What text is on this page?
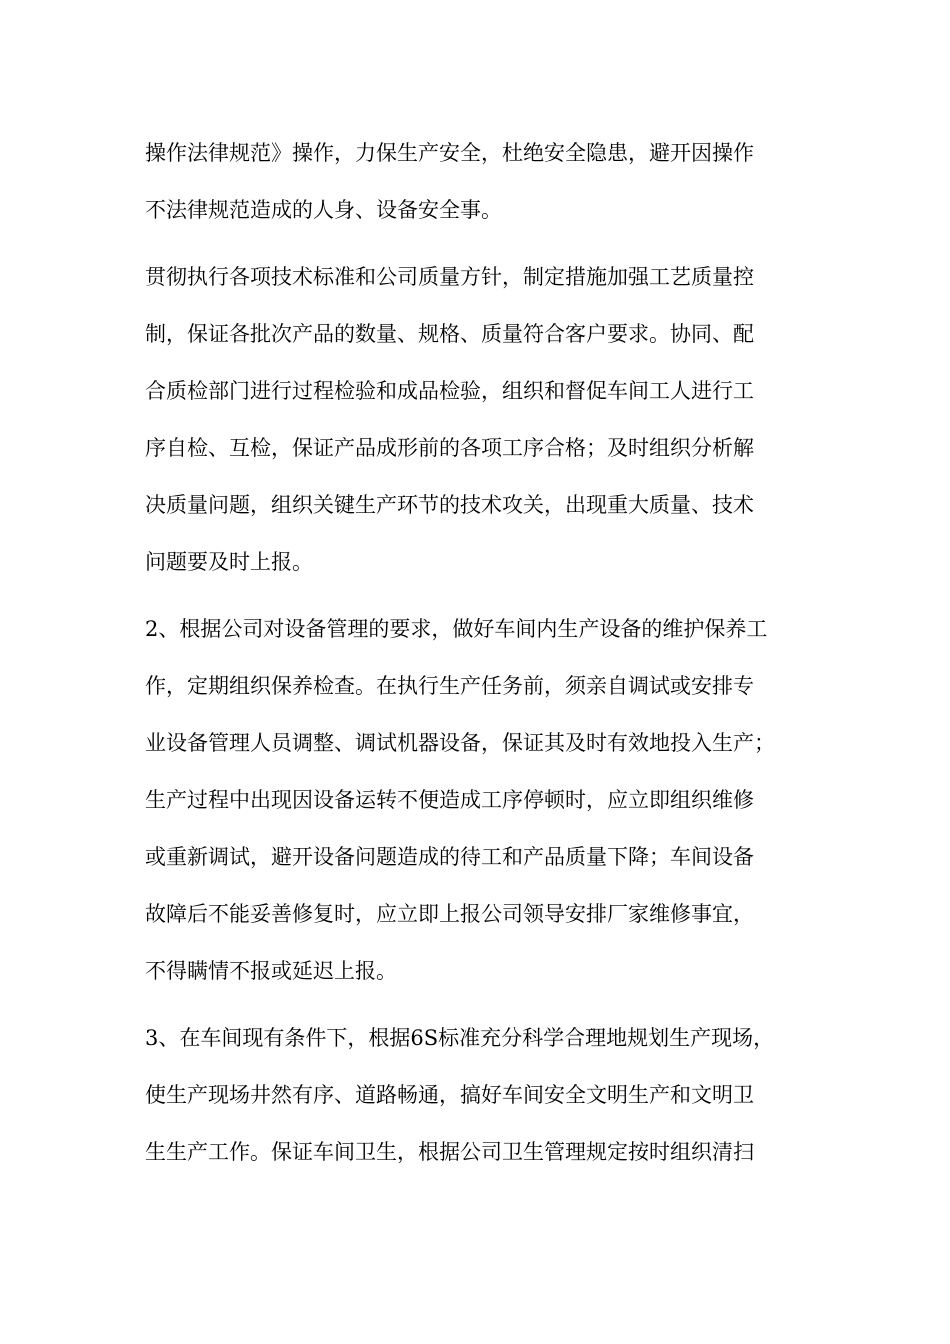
操作法律规范》操作，力保生产安全，杜绝安全隐患，避开因操作
不法律规范造成的人身、设备安全事。
贯彻执行各项技术标准和公司质量方针，制定措施加强工艺质量控
制，保证各批次产品的数量、规格、质量符合客户要求。协同、配
合质检部门进行过程检验和成品检验，组织和督促车间工人进行工
序自检、互检，保证产品成形前的各项工序合格；及时组织分析解
决质量问题，组织关键生产环节的技术攻关，出现重大质量、技术
问题要及时上报。
2、根据公司对设备管理的要求，做好车间内生产设备的维护保养工
作，定期组织保养检查。在执行生产任务前，须亲自调试或安排专
业设备管理人员调整、调试机器设备，保证其及时有效地投入生产；
生产过程中出现因设备运转不便造成工序停顿时，应立即组织维修
或重新调试，避开设备问题造成的待工和产品质量下降；车间设备
故障后不能妥善修复时，应立即上报公司领导安排厂家维修事宜，
不得瞒情不报或延迟上报。
3、在车间现有条件下，根据6S标准充分科学合理地规划生产现场，
使生产现场井然有序、道路畅通，搞好车间安全文明生产和文明卫
生生产工作。保证车间卫生，根据公司卫生管理规定按时组织清扫
